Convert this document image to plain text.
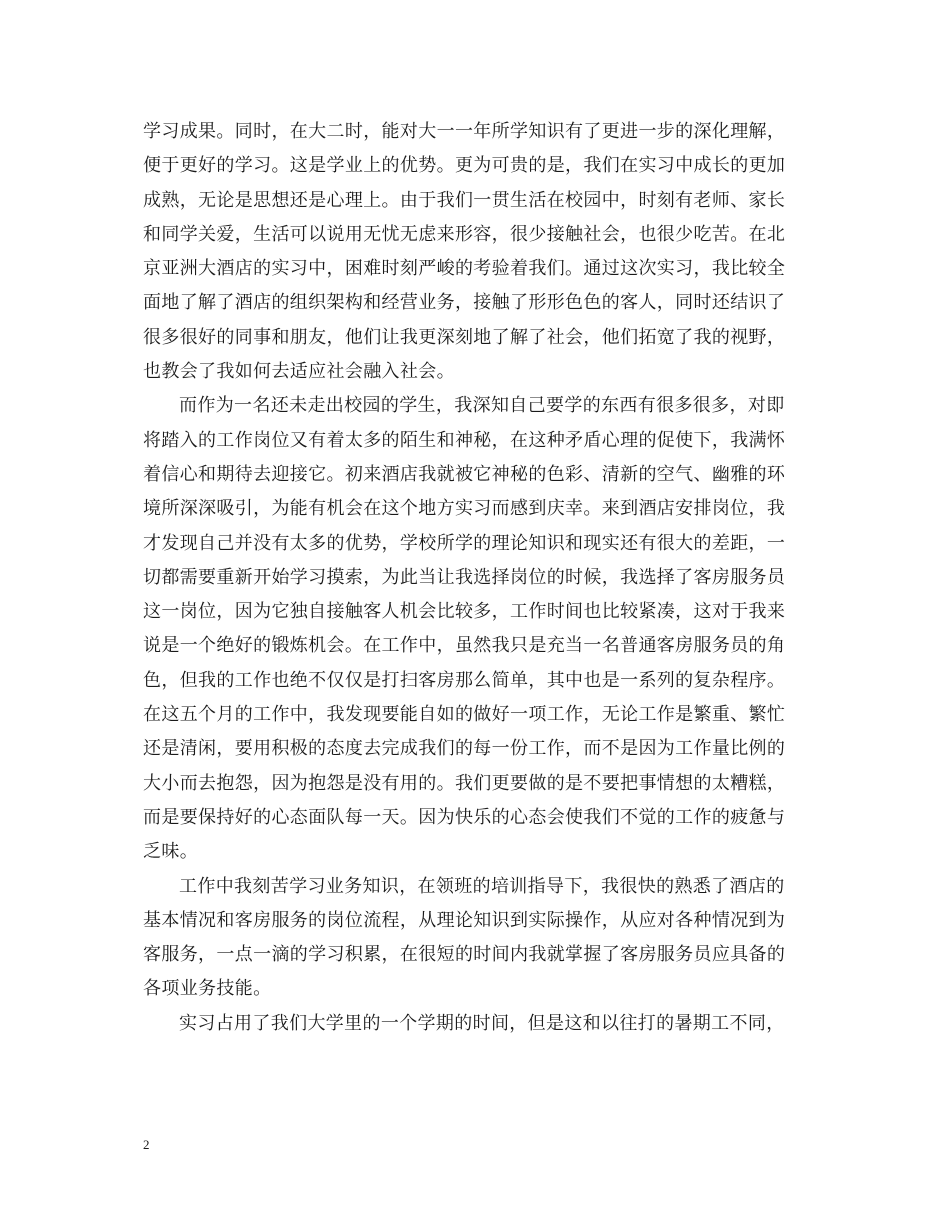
学习成果。同时，在大二时，能对大一一年所学知识有了更进一步的深化理解，
便于更好的学习。这是学业上的优势。更为可贵的是，我们在实习中成长的更加
成熟，无论是思想还是心理上。由于我们一贯生活在校园中，时刻有老师、家长
和同学关爱，生活可以说用无忧无虑来形容，很少接触社会，也很少吃苦。在北
京亚洲大酒店的实习中，困难时刻严峻的考验着我们。通过这次实习，我比较全
面地了解了酒店的组织架构和经营业务，接触了形形色色的客人，同时还结识了
很多很好的同事和朋友，他们让我更深刻地了解了社会，他们拓宽了我的视野，
也教会了我如何去适应社会融入社会。
而作为一名还未走出校园的学生，我深知自己要学的东西有很多很多，对即
将踏入的工作岗位又有着太多的陌生和神秘，在这种矛盾心理的促使下，我满怀
着信心和期待去迎接它。初来酒店我就被它神秘的色彩、清新的空气、幽雅的环
境所深深吸引，为能有机会在这个地方实习而感到庆幸。来到酒店安排岗位，我
才发现自己并没有太多的优势，学校所学的理论知识和现实还有很大的差距，一
切都需要重新开始学习摸索，为此当让我选择岗位的时候，我选择了客房服务员
这一岗位，因为它独自接触客人机会比较多，工作时间也比较紧凑，这对于我来
说是一个绝好的锻炼机会。在工作中，虽然我只是充当一名普通客房服务员的角
色，但我的工作也绝不仅仅是打扫客房那么简单，其中也是一系列的复杂程序。
在这五个月的工作中，我发现要能自如的做好一项工作，无论工作是繁重、繁忙
还是清闲，要用积极的态度去完成我们的每一份工作，而不是因为工作量比例的
大小而去抱怨，因为抱怨是没有用的。我们更要做的是不要把事情想的太糟糕，
而是要保持好的心态面队每一天。因为快乐的心态会使我们不觉的工作的疲惫与
乏味。
工作中我刻苦学习业务知识，在领班的培训指导下，我很快的熟悉了酒店的
基本情况和客房服务的岗位流程，从理论知识到实际操作，从应对各种情况到为
客服务，一点一滴的学习积累，在很短的时间内我就掌握了客房服务员应具备的
各项业务技能。
实习占用了我们大学里的一个学期的时间，但是这和以往打的暑期工不同，
2
